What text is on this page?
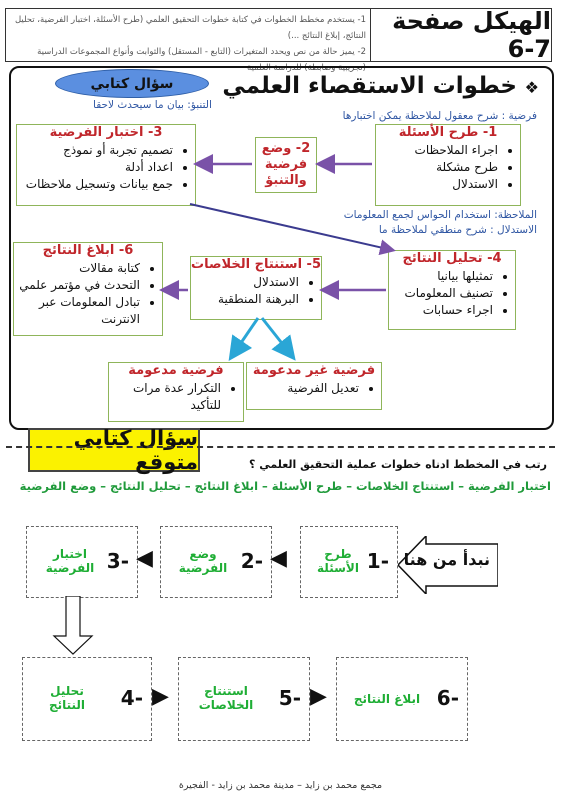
الهيكل صفحة 7-6
1- يستخدم مخطط الخطوات في كتابة خطوات التحقيق العلمي (طرح الأسئلة، اختبار الفرضية، تحليل النتائج، إبلاغ النتائج ...)
2- يميز حالة من نص ويحدد المتغيرات (التابع - المستقل) والثوابت وأنواع المجموعات الدراسية (تجريبية وضابطة) للدراسة العلمية
❖
خطوات الاستقصاء العلمي
سؤال كتابي
التنبؤ: بيان ما سيحدث لاحقا
فرضية : شرح معقول لملاحظة يمكن اختبارها
الملاحظة: استخدام الحواس لجمع المعلومات
الاستدلال : شرح منطقي لملاحظة ما
1- طرح الأسئلة
• اجراء الملاحظات
• طرح مشكلة
• الاستدلال
2- وضع فرضية والتنبؤ
3- اختبار الفرضية
• تصميم تجربة أو نموذج
• اعداد أدلة
• جمع بيانات وتسجيل ملاحظات
4- تحليل النتائج
• تمثيلها بيانيا
• تصنيف المعلومات
• اجراء حسابات
5- استنتاج الخلاصات
• الاستدلال
• البرهنة المنطقية
6- ابلاغ النتائج
• كتابة مقالات
• التحدث في مؤتمر علمي
• تبادل المعلومات عبر الانترنت
فرضية غير مدعومة
• تعديل الفرضية
فرضية مدعومة
• التكرار عدة مرات للتأكيد
سؤال كتابي متوقع	رتب في المخطط ادناه خطوات عملية التحقيق العلمي ؟
اختبار الفرضية – استنتاج الخلاصات – طرح الأسئلة – ابلاغ النتائج – تحليل النتائج – وضع الفرضية
نبدأ من هنا
-1
طرح الأسئلة
◀
-2
وضع الفرضية
◀
-3
اختبار الفرضية
-4
تحليل النتائج	▶	-5
استنتاج الخلاصات	▶	-6
ابلاغ النتائج
مجمع محمد بن زايد – مدينة محمد بن زايد - الفجيرة
